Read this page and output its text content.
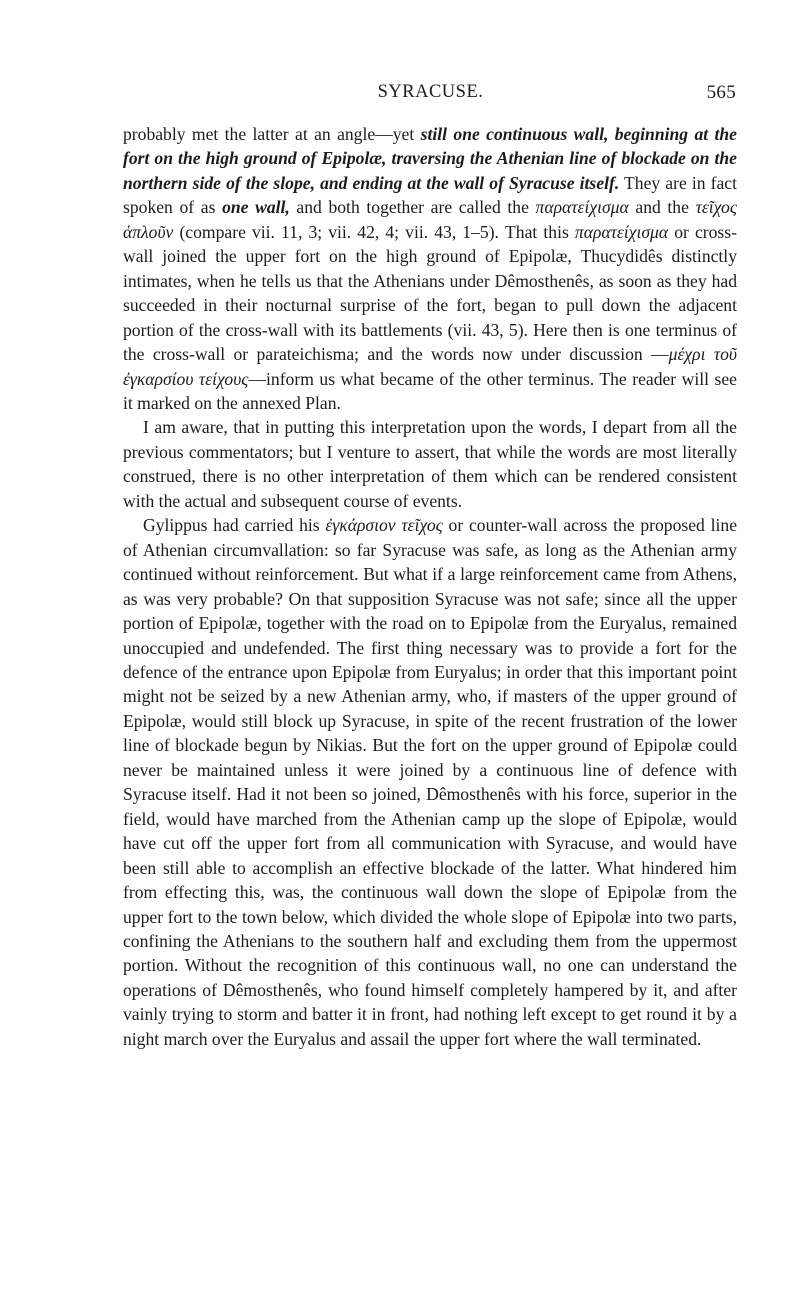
SYRACUSE.	565

probably met the latter at an angle—yet still one continuous wall, beginning at the fort on the high ground of Epipolæ, traversing the Athenian line of blockade on the northern side of the slope, and ending at the wall of Syracuse itself. They are in fact spoken of as one wall, and both together are called the παρατείχισμα and the τεῖχος ἁπλοῦν (compare vii. 11, 3; vii. 42, 4; vii. 43, 1–5). That this παρατείχισμα or cross-wall joined the upper fort on the high ground of Epipolæ, Thucydidês distinctly intimates, when he tells us that the Athenians under Dêmosthenês, as soon as they had succeeded in their nocturnal surprise of the fort, began to pull down the adjacent portion of the cross-wall with its battlements (vii. 43, 5). Here then is one terminus of the cross-wall or parateichisma; and the words now under discussion —μέχρι τοῦ ἐγκαρσίου τείχους—inform us what became of the other terminus. The reader will see it marked on the annexed Plan.

I am aware, that in putting this interpretation upon the words, I depart from all the previous commentators; but I venture to assert, that while the words are most literally construed, there is no other interpretation of them which can be rendered consistent with the actual and subsequent course of events.

Gylippus had carried his ἐγκάρσιον τεῖχος or counter-wall across the proposed line of Athenian circumvallation: so far Syracuse was safe, as long as the Athenian army continued without reinforcement. But what if a large reinforcement came from Athens, as was very probable? On that supposition Syracuse was not safe; since all the upper portion of Epipolæ, together with the road on to Epipolæ from the Euryalus, remained unoccupied and undefended. The first thing necessary was to provide a fort for the defence of the entrance upon Epipolæ from Euryalus; in order that this important point might not be seized by a new Athenian army, who, if masters of the upper ground of Epipolæ, would still block up Syracuse, in spite of the recent frustration of the lower line of blockade begun by Nikias. But the fort on the upper ground of Epipolæ could never be maintained unless it were joined by a continuous line of defence with Syracuse itself. Had it not been so joined, Dêmosthenês with his force, superior in the field, would have marched from the Athenian camp up the slope of Epipolæ, would have cut off the upper fort from all communication with Syracuse, and would have been still able to accomplish an effective blockade of the latter. What hindered him from effecting this, was, the continuous wall down the slope of Epipolæ from the upper fort to the town below, which divided the whole slope of Epipolæ into two parts, confining the Athenians to the southern half and excluding them from the uppermost portion. Without the recognition of this continuous wall, no one can understand the operations of Dêmosthenês, who found himself completely hampered by it, and after vainly trying to storm and batter it in front, had nothing left except to get round it by a night march over the Euryalus and assail the upper fort where the wall terminated.
